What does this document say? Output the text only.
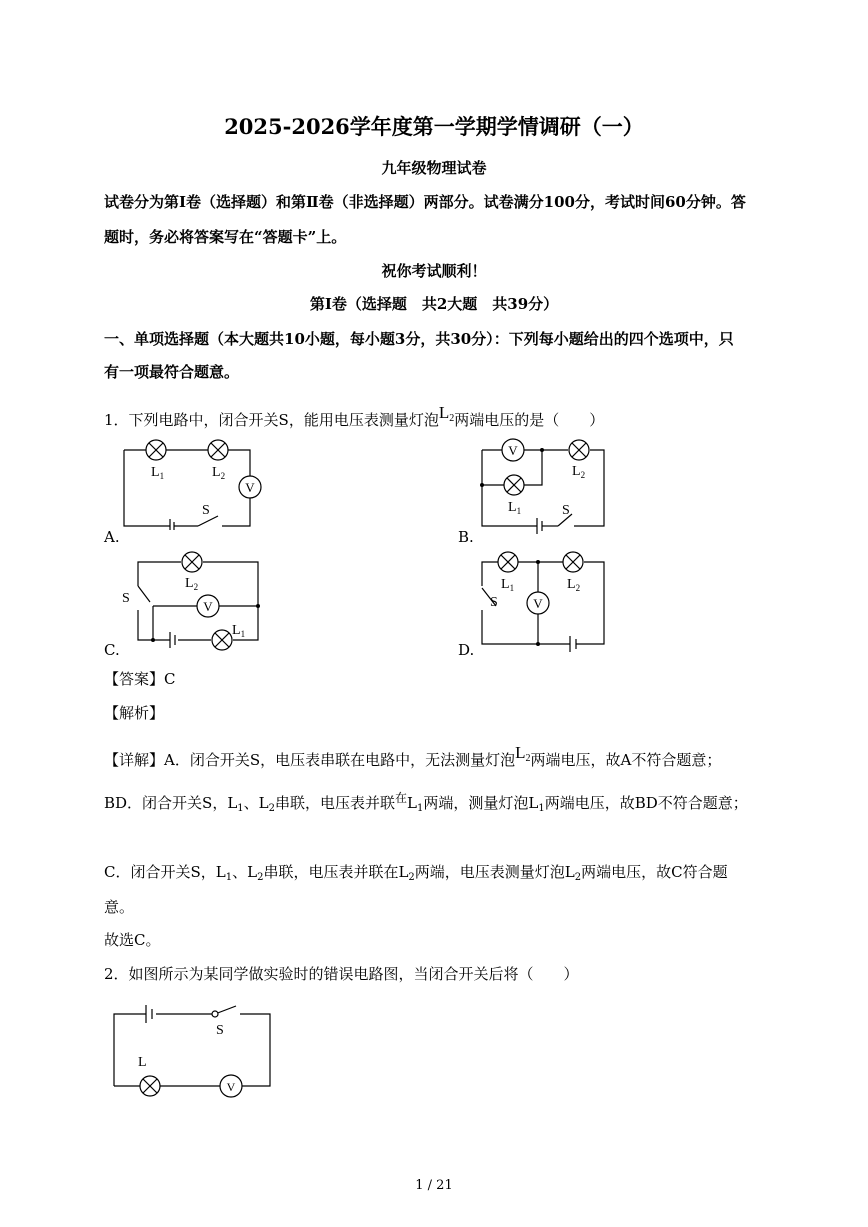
2025-2026学年度第一学期学情调研（一）
九年级物理试卷
试卷分为第Ⅰ卷（选择题）和第Ⅱ卷（非选择题）两部分。试卷满分100分，考试时间60分钟。答
题时，务必将答案写在“答题卡”上。
祝你考试顺利！
第Ⅰ卷（选择题　共2大题　共39分）
一、单项选择题（本大题共10小题，每小题3分，共30分）：下列每小题给出的四个选项中，只
有一项最符合题意。
1．下列电路中，闭合开关S，能用电压表测量灯泡$L_2$两端电压的是（　　）
V
$L_1$	$L_2$
S
A.
V
$L_2$
$L_1$	S
B.
V
$L_2$
S
$L_1$
C.
V
$L_1$	$L_2$
S
D.
【答案】C
【解析】
【详解】A．闭合开关S，电压表串联在电路中，无法测量灯泡$L_2$两端电压，故A不符合题意；
BD．闭合开关S，$L_1$、$L_2$串联，电压表并联$^在L_1$两端，测量灯泡$L_1$两端电压，故BD不符合题意；
C．闭合开关S，$L_1$、$L_2$串联，电压表并联在$L_2$两端，电压表测量灯泡$L_2$两端电压，故C符合题
意。
故选C。
2．如图所示为某同学做实验时的错误电路图，当闭合开关后将（　　）
S
L
V
1 / 21
